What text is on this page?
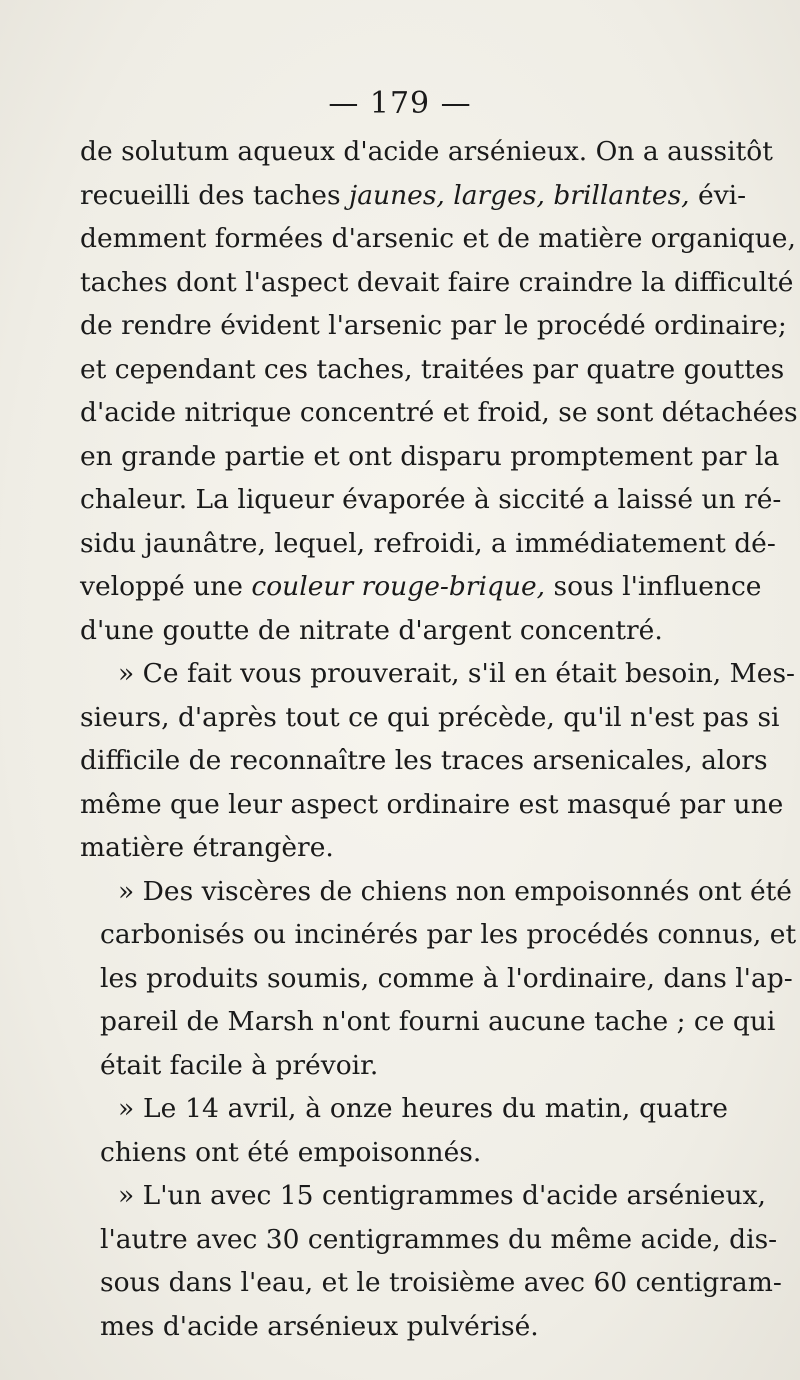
— 179 —
de solutum aqueux d'acide arsénieux. On a aussitôt
recueilli des taches jaunes, larges, brillantes, évi-
demment formées d'arsenic et de matière organique,
taches dont l'aspect devait faire craindre la difficulté
de rendre évident l'arsenic par le procédé ordinaire;
et cependant ces taches, traitées par quatre gouttes
d'acide nitrique concentré et froid, se sont détachées
en grande partie et ont disparu promptement par la
chaleur. La liqueur évaporée à siccité a laissé un ré-
sidu jaunâtre, lequel, refroidi, a immédiatement dé-
veloppé une couleur rouge-brique, sous l'influence
d'une goutte de nitrate d'argent concentré.
» Ce fait vous prouverait, s'il en était besoin, Mes-
sieurs, d'après tout ce qui précède, qu'il n'est pas si
difficile de reconnaître les traces arsenicales, alors
même que leur aspect ordinaire est masqué par une
matière étrangère.
» Des viscères de chiens non empoisonnés ont été
carbonisés ou incinérés par les procédés connus, et
les produits soumis, comme à l'ordinaire, dans l'ap-
pareil de Marsh n'ont fourni aucune tache ; ce qui
était facile à prévoir.
» Le 14 avril, à onze heures du matin, quatre
chiens ont été empoisonnés.
» L'un avec 15 centigrammes d'acide arsénieux,
l'autre avec 30 centigrammes du même acide, dis-
sous dans l'eau, et le troisième avec 60 centigram-
mes d'acide arsénieux pulvérisé.
